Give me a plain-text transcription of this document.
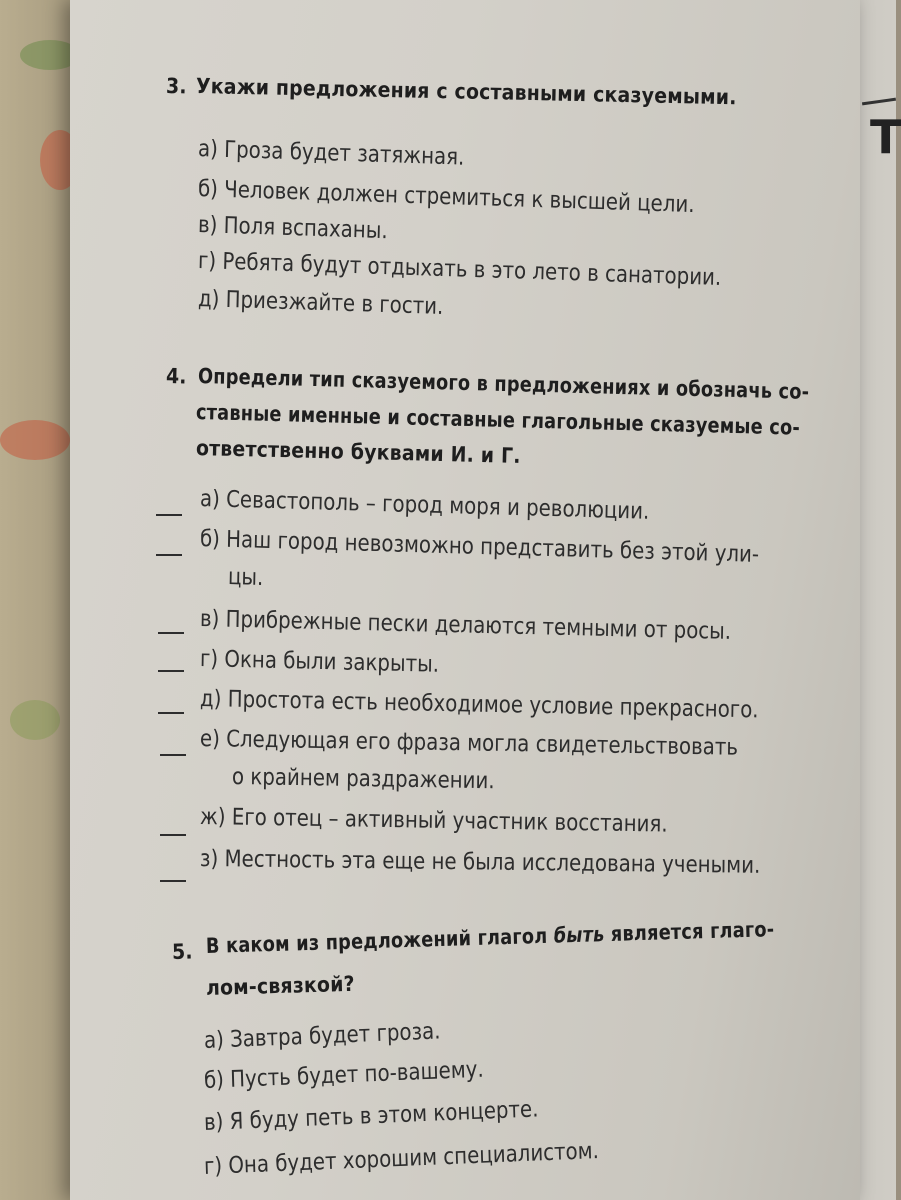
Т
3. Укажи предложения с составными сказуемыми.
а) Гроза будет затяжная.
б) Человек должен стремиться к высшей цели.
в) Поля вспаханы.
г) Ребята будут отдыхать в это лето в санатории.
д) Приезжайте в гости.
4. Определи тип сказуемого в предложениях и обозначь со-
ставные именные и составные глагольные сказуемые со-
ответственно буквами И. и Г.
а) Севастополь – город моря и революции.
б) Наш город невозможно представить без этой ули-
цы.
в) Прибрежные пески делаются темными от росы.
г) Окна были закрыты.
д) Простота есть необходимое условие прекрасного.
е) Следующая его фраза могла свидетельствовать
о крайнем раздражении.
ж) Его отец – активный участник восстания.
з) Местность эта еще не была исследована учеными.
5. В каком из предложений глагол быть является глаго-
лом-связкой?
а) Завтра будет гроза.
б) Пусть будет по-вашему.
в) Я буду петь в этом концерте.
г) Она будет хорошим специалистом.
